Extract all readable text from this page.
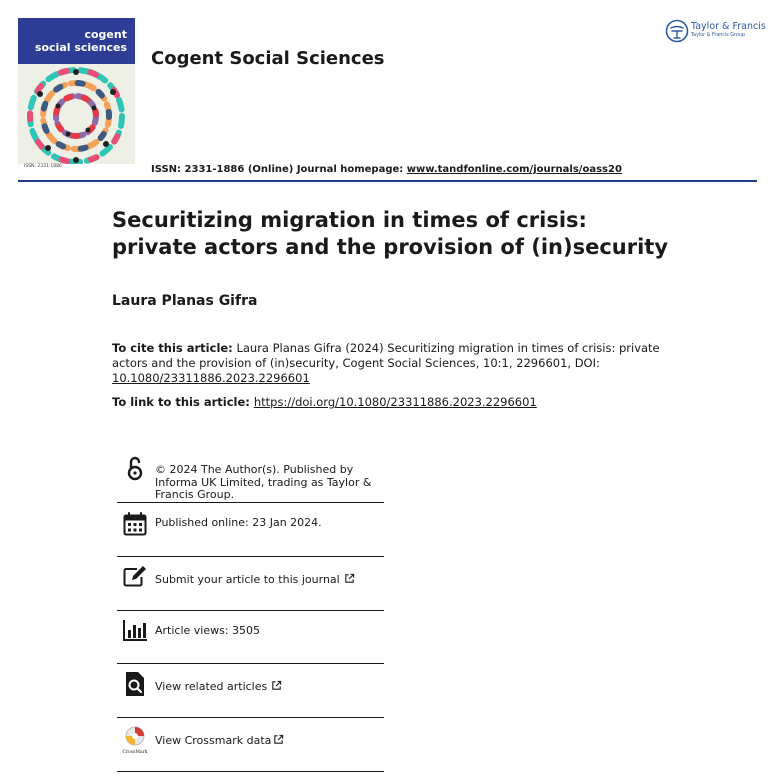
cogent
social sciences
ISSN: 2331-1886
Cogent Social Sciences
ISSN: 2331-1886 (Online) Journal homepage: www.tandfonline.com/journals/oass20
Taylor & Francis
Taylor & Francis Group
Securitizing migration in times of crisis: private actors and the provision of (in)security
Laura Planas Gifra
To cite this article: Laura Planas Gifra (2024) Securitizing migration in times of crisis: private actors and the provision of (in)security, Cogent Social Sciences, 10:1, 2296601, DOI: 10.1080/23311886.2023.2296601
To link to this article: https://doi.org/10.1080/23311886.2023.2296601
© 2024 The Author(s). Published by Informa UK Limited, trading as Taylor & Francis Group.
Published online: 23 Jan 2024.
Submit your article to this journal
Article views: 3505
View related articles
CrossMark
View Crossmark data
